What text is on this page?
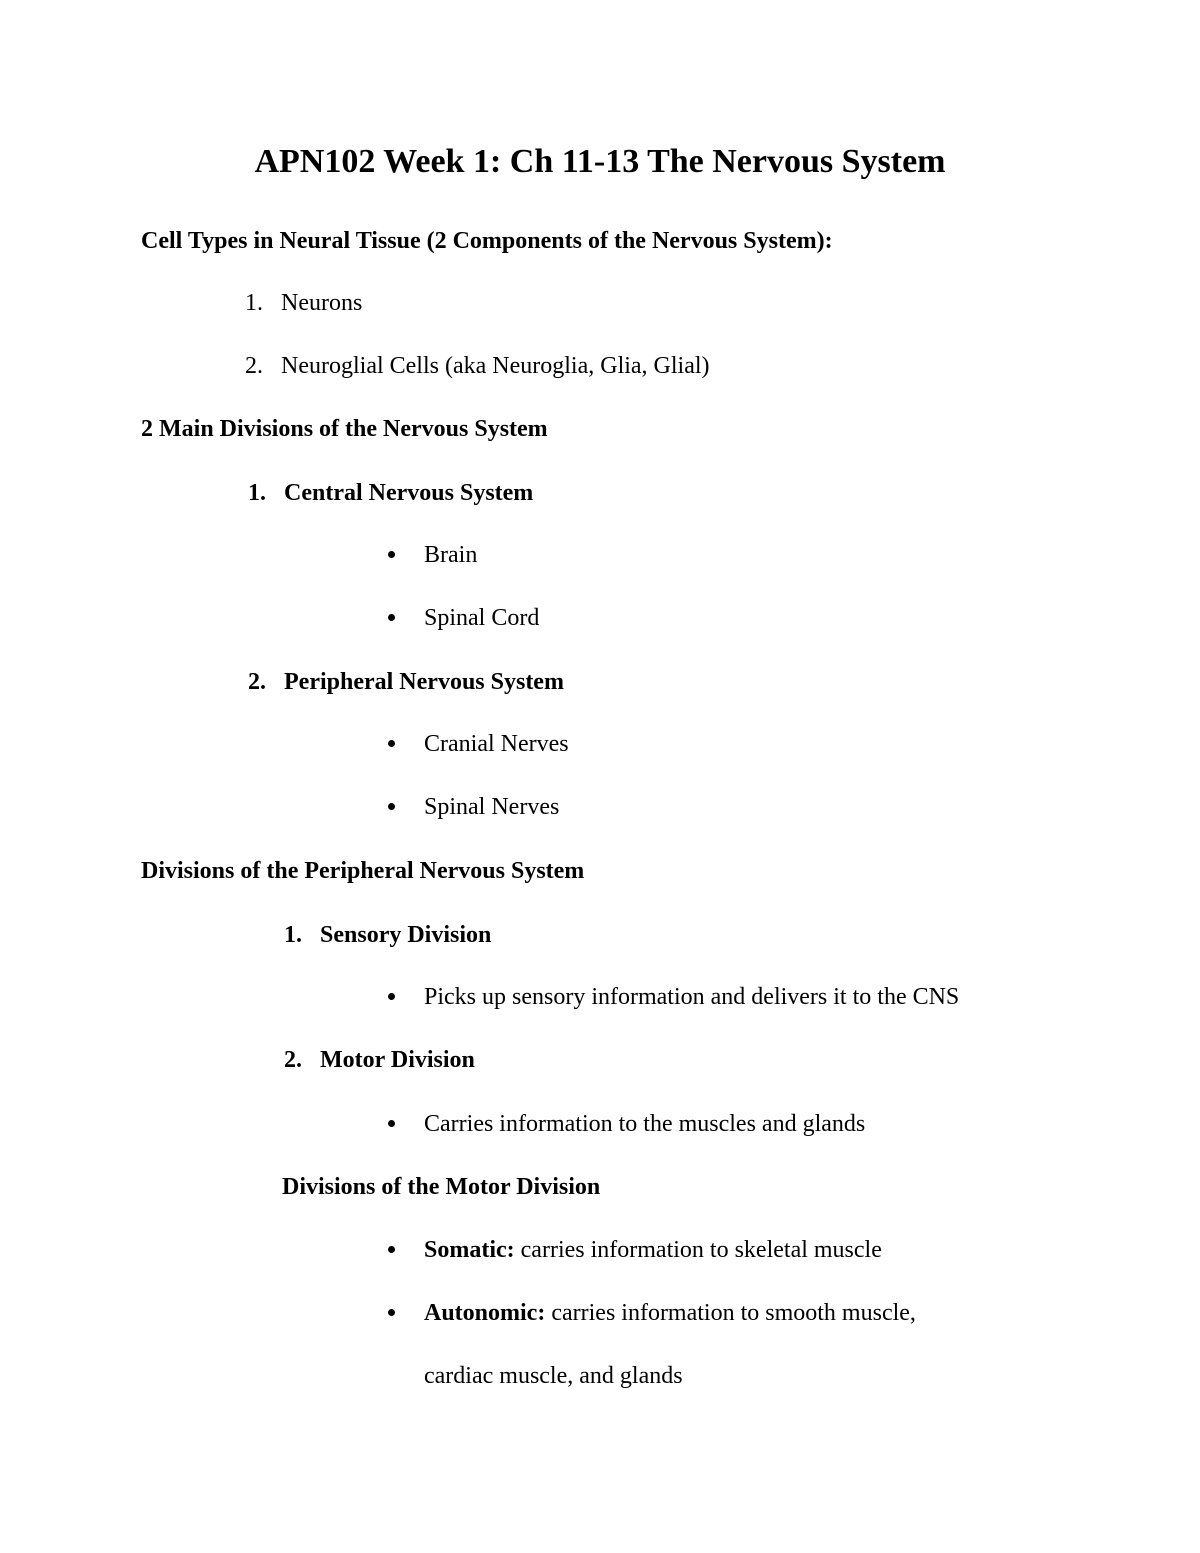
APN102 Week 1: Ch 11-13 The Nervous System
Cell Types in Neural Tissue (2 Components of the Nervous System):
1. Neurons
2. Neuroglial Cells (aka Neuroglia, Glia, Glial)
2 Main Divisions of the Nervous System
1. Central Nervous System
Brain
Spinal Cord
2. Peripheral Nervous System
Cranial Nerves
Spinal Nerves
Divisions of the Peripheral Nervous System
1. Sensory Division
Picks up sensory information and delivers it to the CNS
2. Motor Division
Carries information to the muscles and glands
Divisions of the Motor Division
Somatic: carries information to skeletal muscle
Autonomic: carries information to smooth muscle,
cardiac muscle, and glands
